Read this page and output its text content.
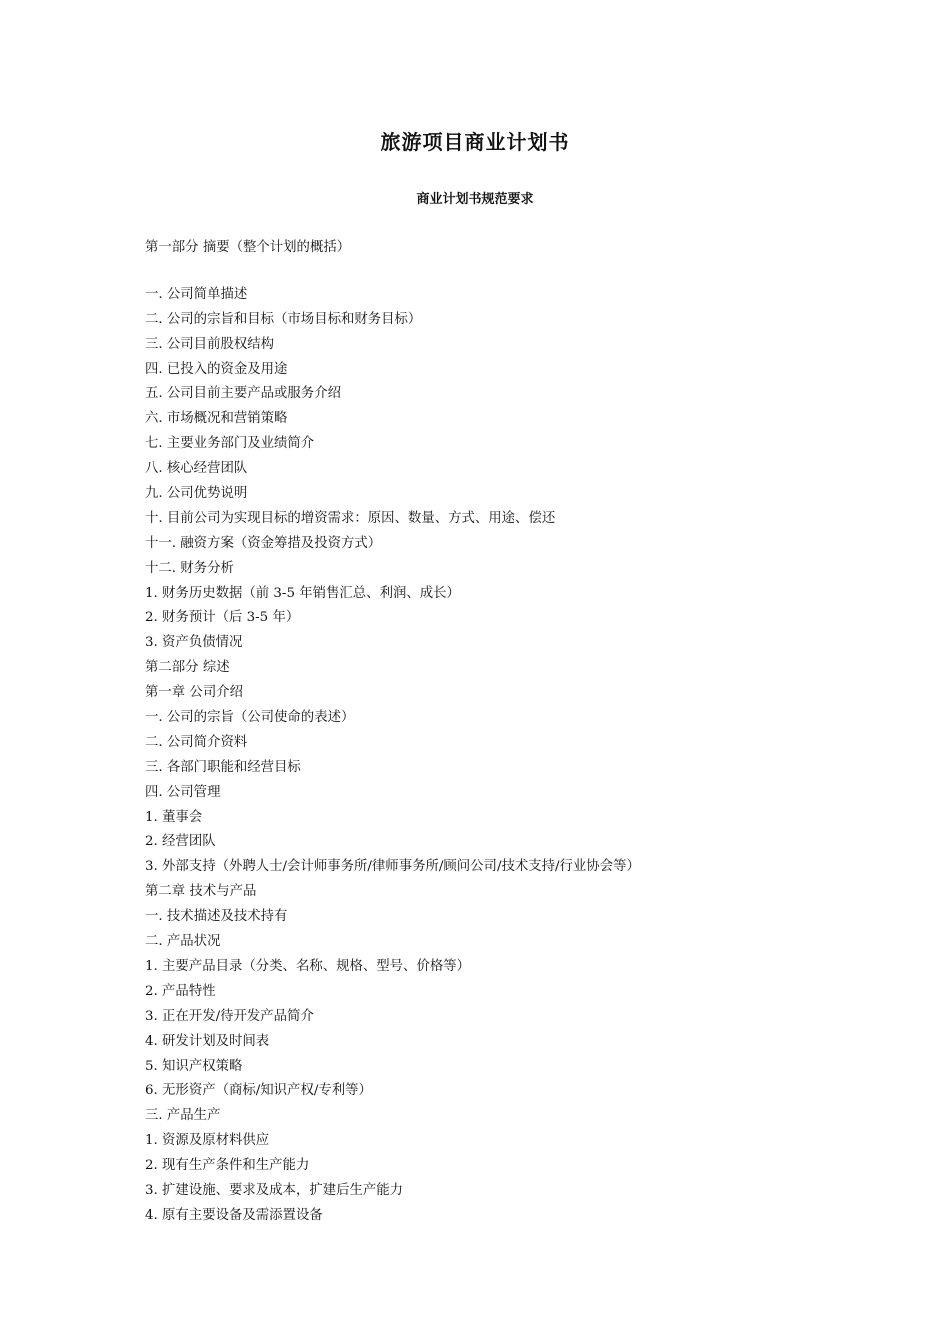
旅游项目商业计划书
商业计划书规范要求
第一部分 摘要（整个计划的概括）
一. 公司简单描述
二. 公司的宗旨和目标（市场目标和财务目标）
三. 公司目前股权结构
四. 已投入的资金及用途
五. 公司目前主要产品或服务介绍
六. 市场概况和营销策略
七. 主要业务部门及业绩简介
八. 核心经营团队
九. 公司优势说明
十. 目前公司为实现目标的增资需求：原因、数量、方式、用途、偿还
十一. 融资方案（资金筹措及投资方式）
十二. 财务分析
1. 财务历史数据（前 3-5 年销售汇总、利润、成长）
2. 财务预计（后 3-5 年）
3. 资产负债情况
第二部分 综述
第一章 公司介绍
一. 公司的宗旨（公司使命的表述）
二. 公司简介资料
三. 各部门职能和经营目标
四. 公司管理
1. 董事会
2. 经营团队
3. 外部支持（外聘人士/会计师事务所/律师事务所/顾问公司/技术支持/行业协会等）
第二章 技术与产品
一. 技术描述及技术持有
二. 产品状况
1. 主要产品目录（分类、名称、规格、型号、价格等）
2. 产品特性
3. 正在开发/待开发产品简介
4. 研发计划及时间表
5. 知识产权策略
6. 无形资产（商标/知识产权/专利等）
三. 产品生产
1. 资源及原材料供应
2. 现有生产条件和生产能力
3. 扩建设施、要求及成本，扩建后生产能力
4. 原有主要设备及需添置设备
